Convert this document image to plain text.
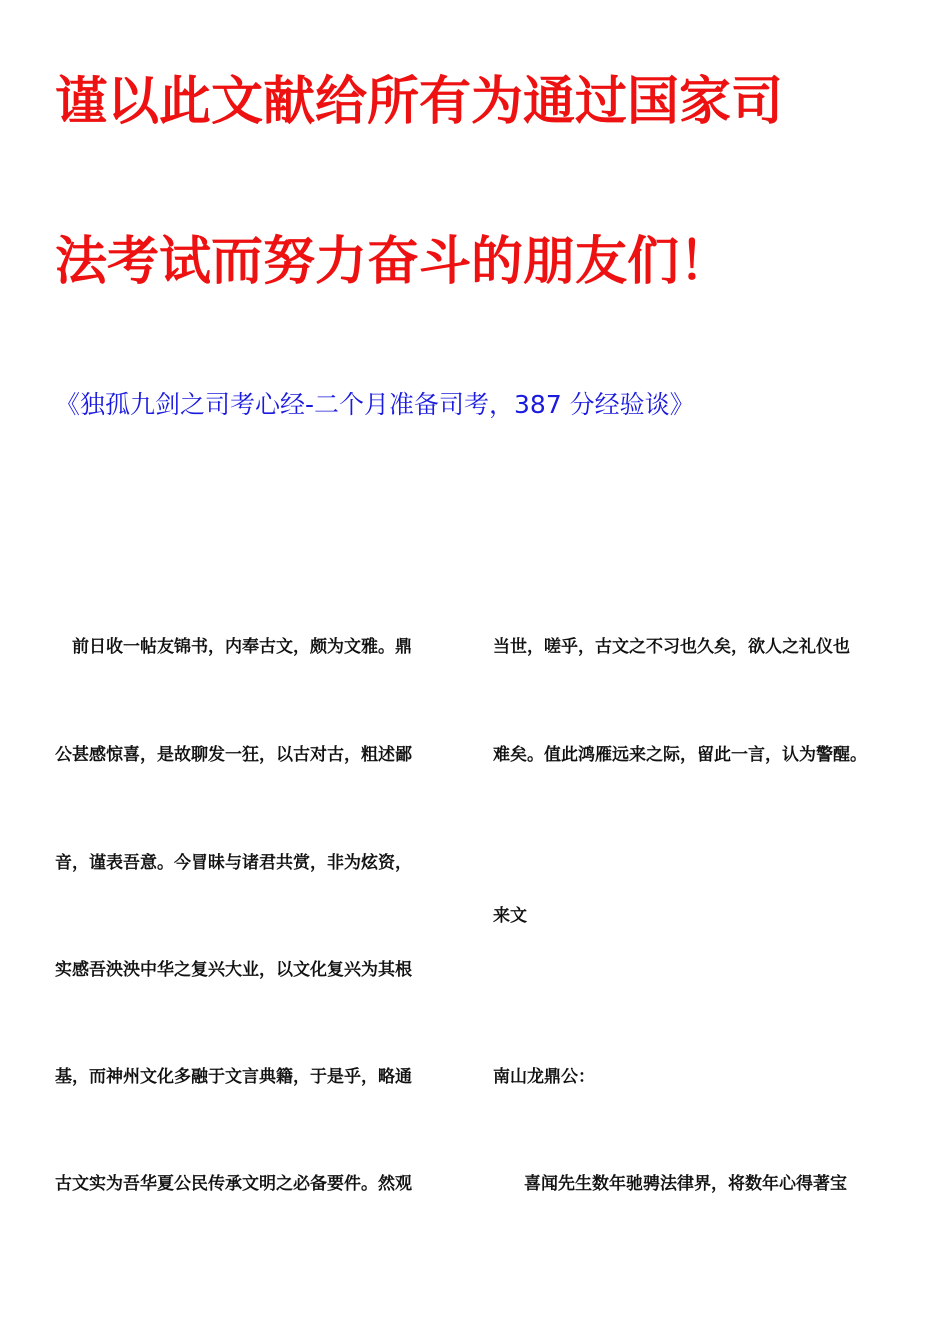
谨以此文献给所有为通过国家司
法考试而努力奋斗的朋友们！

《独孤九剑之司考心经-二个月准备司考，387 分经验谈》

前日收一帖友锦书，内奉古文，颇为文雅。鼎

公甚感惊喜，是故聊发一狂，以古对古，粗述鄙

音，谨表吾意。今冒昧与诸君共赏，非为炫资，

实感吾泱泱中华之复兴大业，以文化复兴为其根

基，而神州文化多融于文言典籍，于是乎，略通

古文实为吾华夏公民传承文明之必备要件。然观

当世，嗟乎，古文之不习也久矣，欲人之礼仪也

难矣。值此鸿雁远来之际，留此一言，认为警醒。

来文

南山龙鼎公：

喜闻先生数年驰骋法律界，将数年心得著宝
